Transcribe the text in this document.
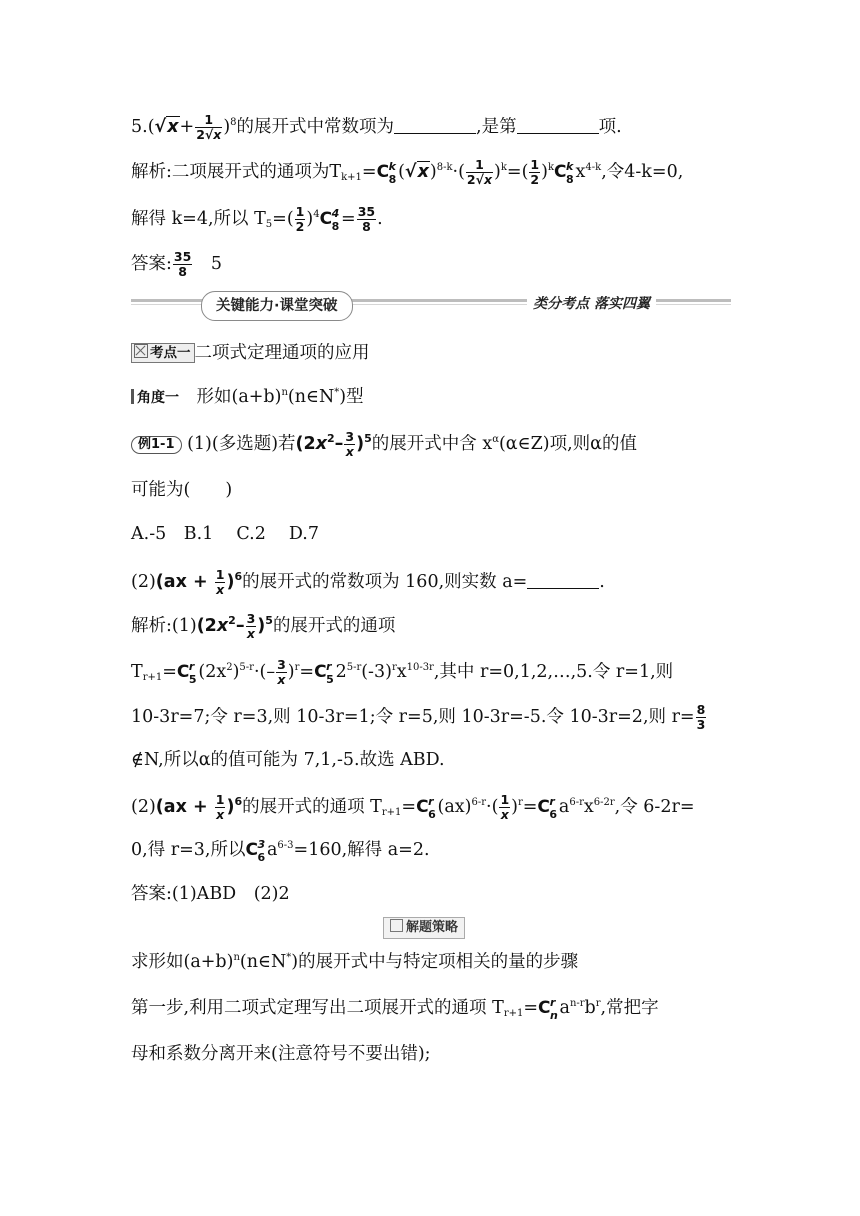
$5.(√x+ \frac{1}{2√x} )^8$的展开式中常数项为	,是第	项.
解析:二项展开式的通项为$T_{k+1}=C$ k
8 $(√x)^{8-k}\cdot( \frac{1}{2√x} )^k=( \frac{1}{2} )^kC$ k
8 $x^{4-k}$,令4-k=0,
解得 k=4,所以 $T_5=( \frac{1}{2} )^4C$ 4
$8 = \frac{35}{8}$ .
答案: $\frac{35}{8}$
　 5
关键能力·课堂突破	类分考点 落实四翼
考点一 二项式定理通项的应用
角度一　 形如$(a+b)^n(n\in N^*)$型
例1-1 (1)(多选题)若$(2x^2- \frac{3}{x} )^5$的展开式中含 $x^\alpha(\alpha\in Z)$项,则α的值
可能为(　　)
A.-5　B.1　 C.2　 D.7
$(2)(ax + \frac{1}{x} )^6$的展开式的常数项为 160,则实数 a=	.
解析$:(1)(2x^2- \frac{3}{x} )^5$的展开式的通项
$T_{r+1}=C$ r
5 $(2x^2)^{5-r}\cdot(- \frac{3}{x} )^r=C$ r
5 $2^{5-r}(-3)^rx^{10-3r}$,其中 r=0,1,2,…,5.令 r=1,则
10-3r=7;令 r=3,则 10-3r=1;令 r=5,则 10-3r=-5.令 10-3r=2,则 $r= \frac{8}{3}$
∉N,所以α的值可能为 7,1,-5.故选 ABD.
$(2)(ax + \frac{1}{x} )^6$的展开式的通项 $T_{r+1}=C$ r
6 $(ax)^{6-r}\cdot( \frac{1}{x} )^r=C$ r
6 $a^{6-r}x^{6-2r}$,令 6-2r=
0,得 r=3,所以C 3
6 $a^{6-3}=160$,解得 a=2.
答案:(1)ABD　(2)2
解题策略
求形如$(a+b)^n(n\in N^*)$的展开式中与特定项相关的量的步骤
第一步,利用二项式定理写出二项展开式的通项 $T_{r+1}=C$ r
n $a^{n-r}b^r$,常把字
母和系数分离开来(注意符号不要出错);
